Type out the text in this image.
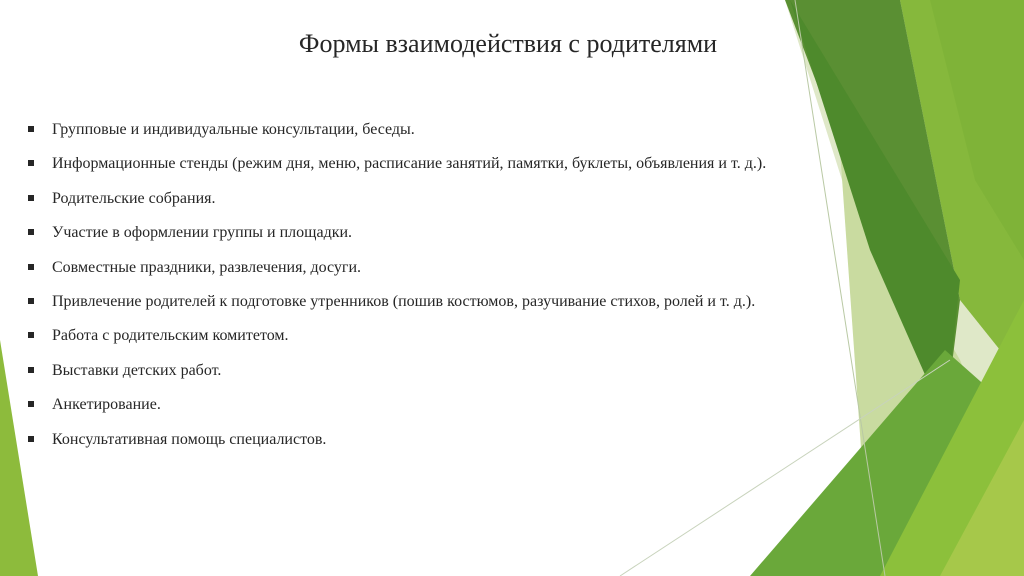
Формы взаимодействия с родителями
Групповые и индивидуальные консультации, беседы.
Информационные стенды (режим дня, меню, расписание занятий, памятки, буклеты, объявления и т. д.).
Родительские собрания.
Участие в оформлении группы и площадки.
Совместные праздники, развлечения, досуги.
Привлечение родителей к подготовке утренников (пошив костюмов, разучивание стихов, ролей и т. д.).
Работа с родительским комитетом.
Выставки детских работ.
Анкетирование.
Консультативная помощь специалистов.
